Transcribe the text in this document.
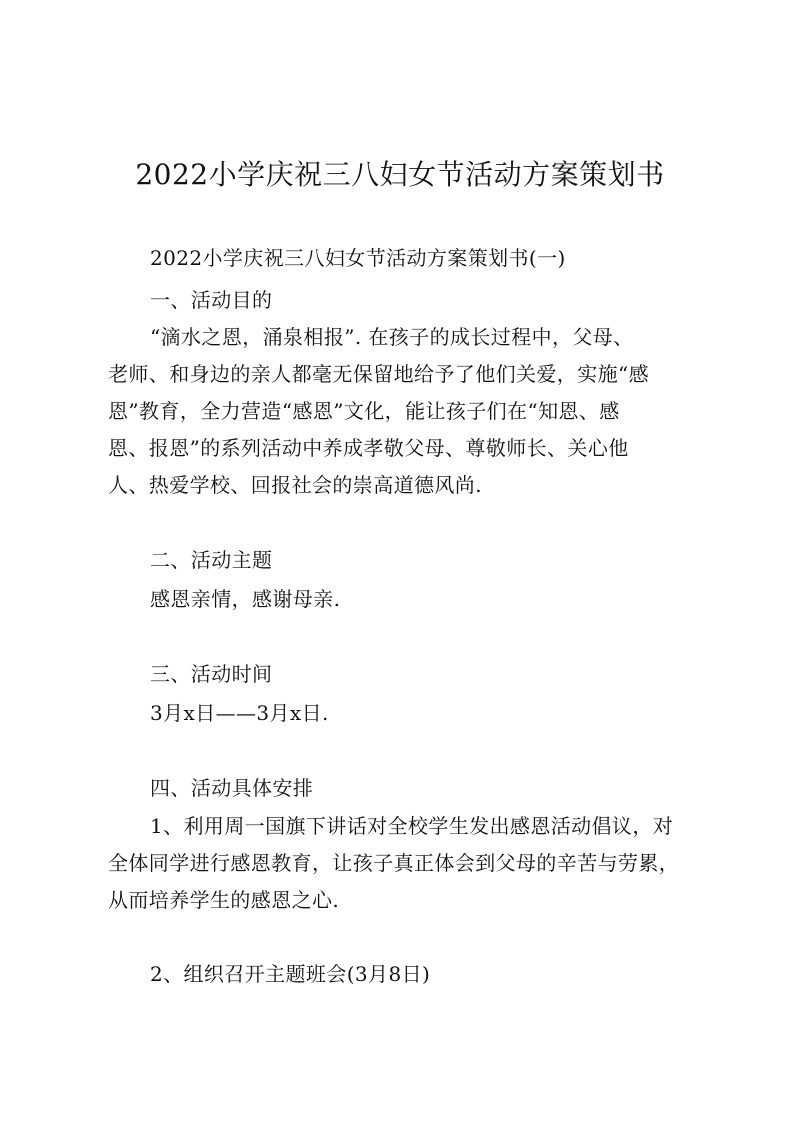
2022小学庆祝三八妇女节活动方案策划书
2022小学庆祝三八妇女节活动方案策划书(一)
一、活动目的
“滴水之恩，涌泉相报”. 在孩子的成长过程中，父母、
老师、和身边的亲人都毫无保留地给予了他们关爱，实施“感
恩”教育，全力营造“感恩”文化，能让孩子们在“知恩、感
恩、报恩”的系列活动中养成孝敬父母、尊敬师长、关心他
人、热爱学校、回报社会的崇高道德风尚.
二、活动主题
感恩亲情，感谢母亲.
三、活动时间
3月x日——3月x日.
四、活动具体安排
1、利用周一国旗下讲话对全校学生发出感恩活动倡议，对
全体同学进行感恩教育，让孩子真正体会到父母的辛苦与劳累，
从而培养学生的感恩之心.
2、组织召开主题班会(3月8日)
